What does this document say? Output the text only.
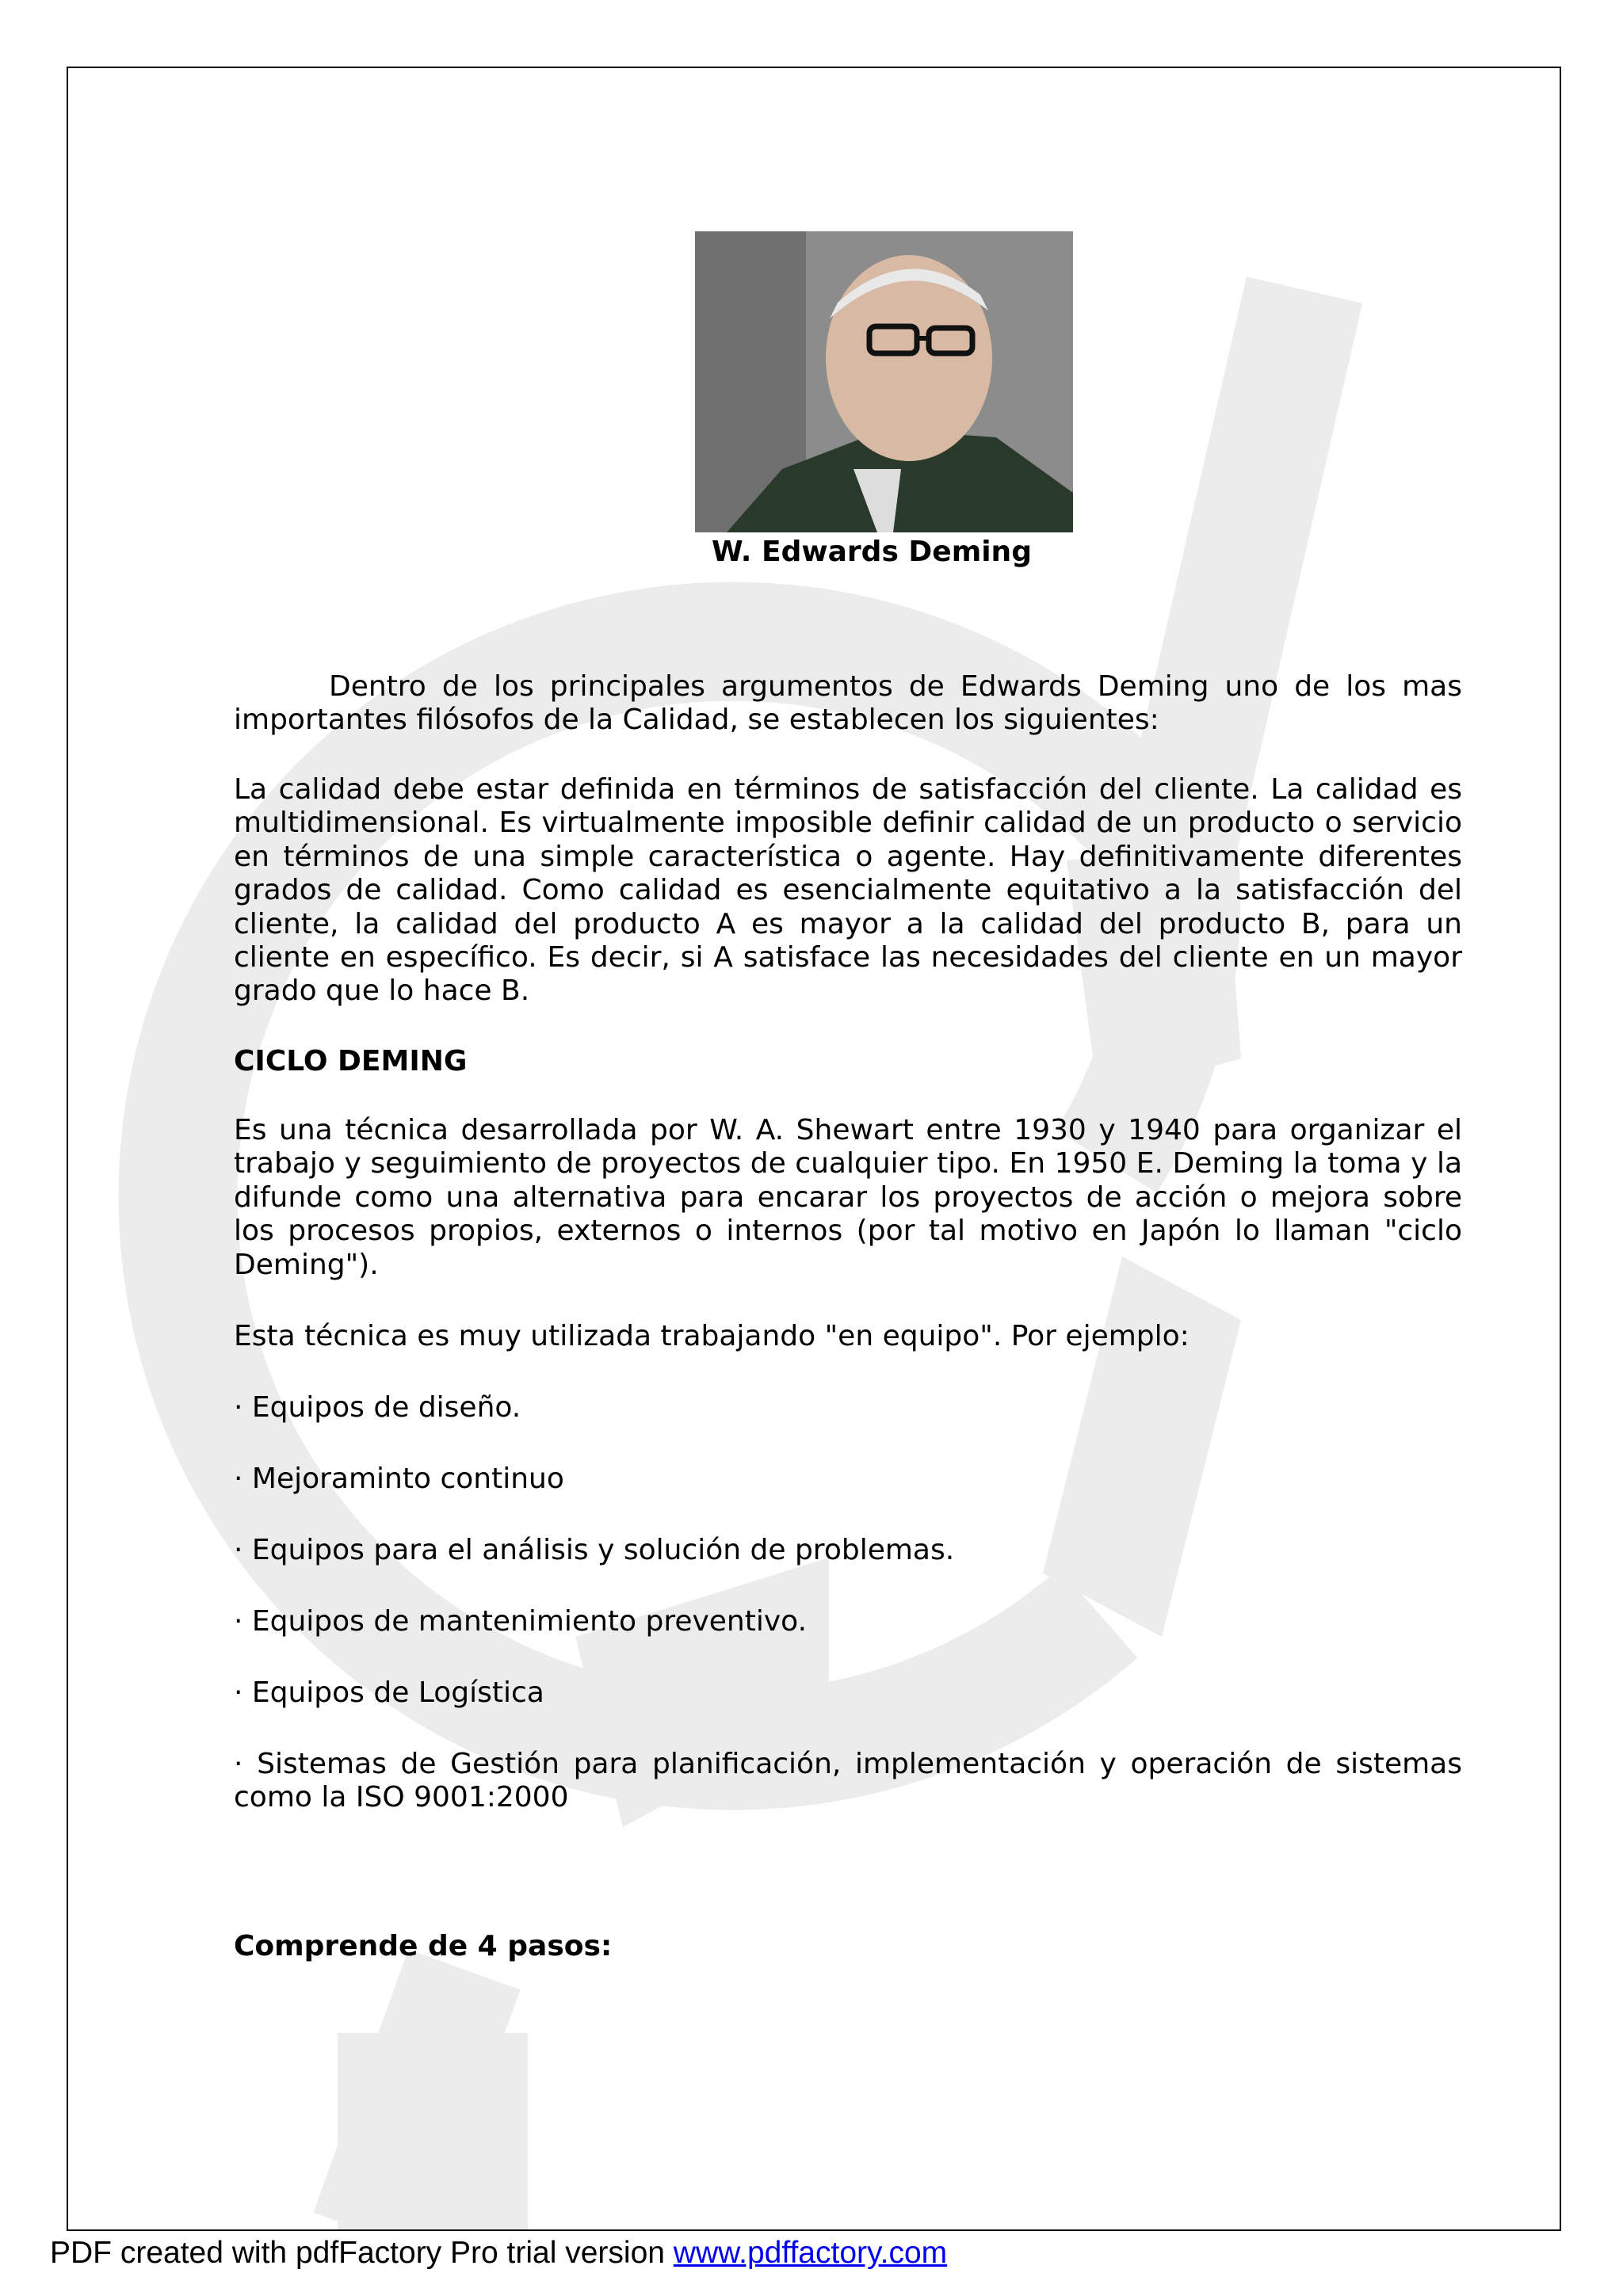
W. Edwards Deming

Dentro de los principales argumentos de Edwards Deming uno de los mas importantes filósofos de la Calidad, se establecen los siguientes:

La calidad debe estar definida en términos de satisfacción del cliente. La calidad es multidimensional. Es virtualmente imposible definir calidad de un producto o servicio en términos de una simple característica o agente. Hay definitivamente diferentes grados de calidad. Como calidad es esencialmente equitativo a la satisfacción del cliente, la calidad del producto A es mayor a la calidad del producto B, para un cliente en específico. Es decir, si A satisface las necesidades del cliente en un mayor grado que lo hace B.

CICLO DEMING

Es una técnica desarrollada por W. A. Shewart entre 1930 y 1940 para organizar el trabajo y seguimiento de proyectos de cualquier tipo. En 1950 E. Deming la toma y la difunde como una alternativa para encarar los proyectos de acción o mejora sobre los procesos propios, externos o internos (por tal motivo en Japón lo llaman "ciclo Deming").

Esta técnica es muy utilizada trabajando "en equipo". Por ejemplo:

· Equipos de diseño.

· Mejoraminto continuo

· Equipos para el análisis y solución de problemas.

· Equipos de mantenimiento preventivo.

· Equipos de Logística

· Sistemas de Gestión para planificación, implementación y operación de sistemas como la ISO 9001:2000

Comprende de 4 pasos:

PDF created with pdfFactory Pro trial version www.pdffactory.com
